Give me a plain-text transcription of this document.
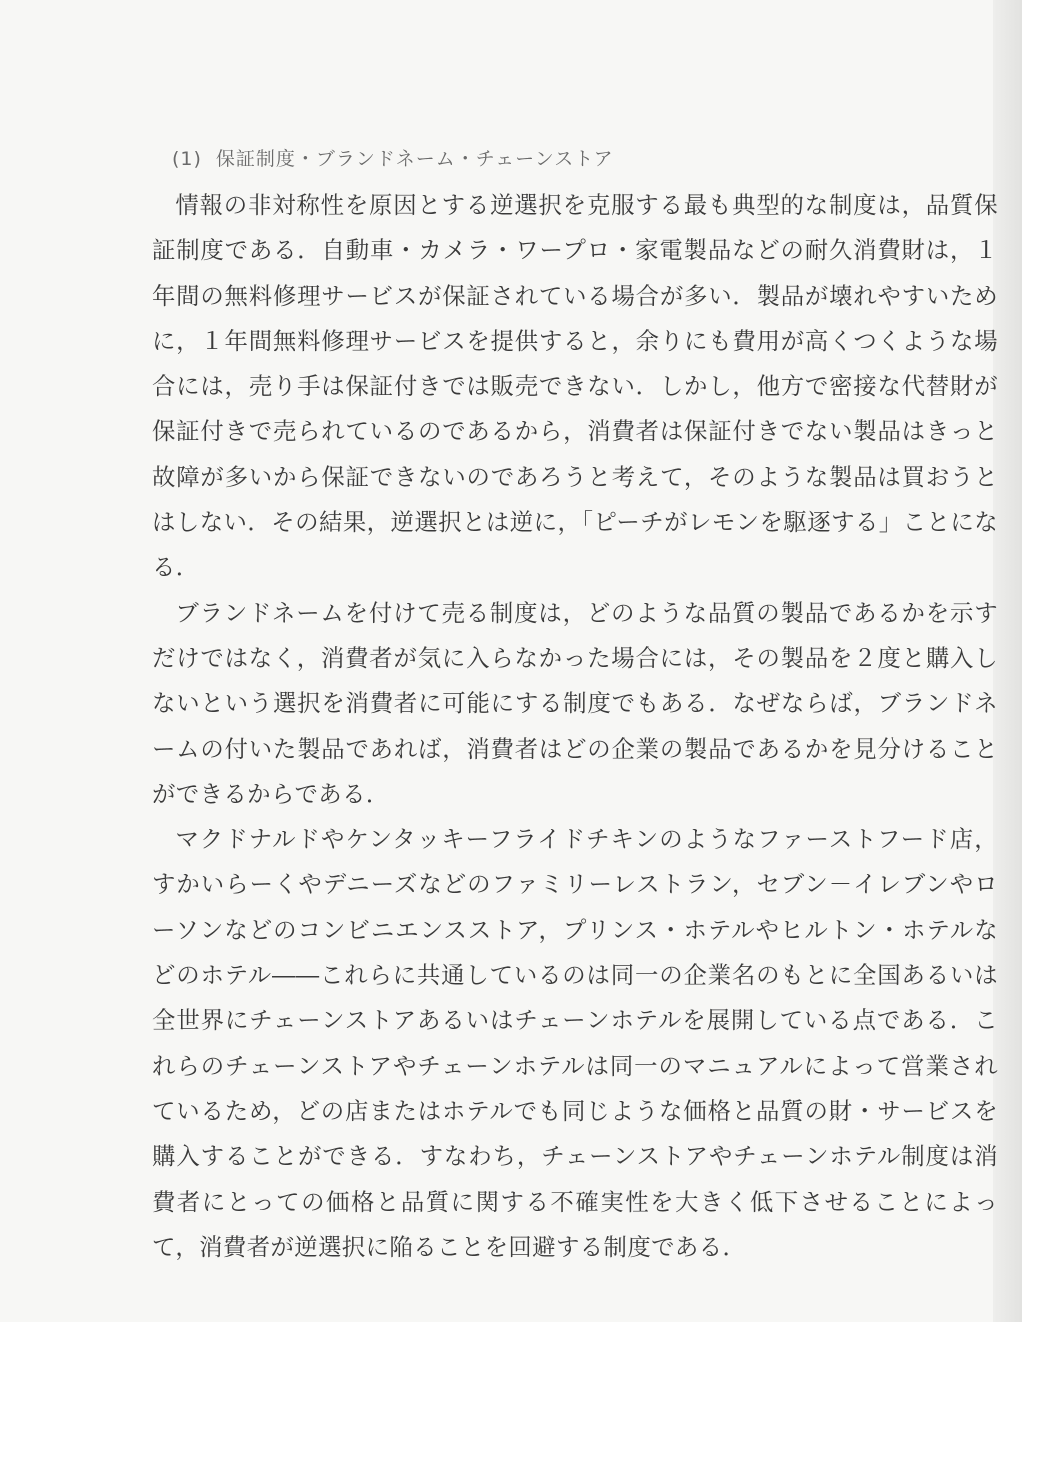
(1) 保証制度・ブランドネーム・チェーンストア

情報の非対称性を原因とする逆選択を克服する最も典型的な制度は，品質保証制度である．自動車・カメラ・ワープロ・家電製品などの耐久消費財は，１年間の無料修理サービスが保証されている場合が多い．製品が壊れやすいために，１年間無料修理サービスを提供すると，余りにも費用が高くつくような場合には，売り手は保証付きでは販売できない．しかし，他方で密接な代替財が保証付きで売られているのであるから，消費者は保証付きでない製品はきっと故障が多いから保証できないのであろうと考えて，そのような製品は買おうとはしない．その結果，逆選択とは逆に，「ピーチがレモンを駆逐する」ことになる．

ブランドネームを付けて売る制度は，どのような品質の製品であるかを示すだけではなく，消費者が気に入らなかった場合には，その製品を２度と購入しないという選択を消費者に可能にする制度でもある．なぜならば，ブランドネームの付いた製品であれば，消費者はどの企業の製品であるかを見分けることができるからである．

マクドナルドやケンタッキーフライドチキンのようなファーストフード店，すかいらーくやデニーズなどのファミリーレストラン，セブン－イレブンやローソンなどのコンビニエンスストア，プリンス・ホテルやヒルトン・ホテルなどのホテル――これらに共通しているのは同一の企業名のもとに全国あるいは全世界にチェーンストアあるいはチェーンホテルを展開している点である．これらのチェーンストアやチェーンホテルは同一のマニュアルによって営業されているため，どの店またはホテルでも同じような価格と品質の財・サービスを購入することができる．すなわち，チェーンストアやチェーンホテル制度は消費者にとっての価格と品質に関する不確実性を大きく低下させることによって，消費者が逆選択に陥ることを回避する制度である．
